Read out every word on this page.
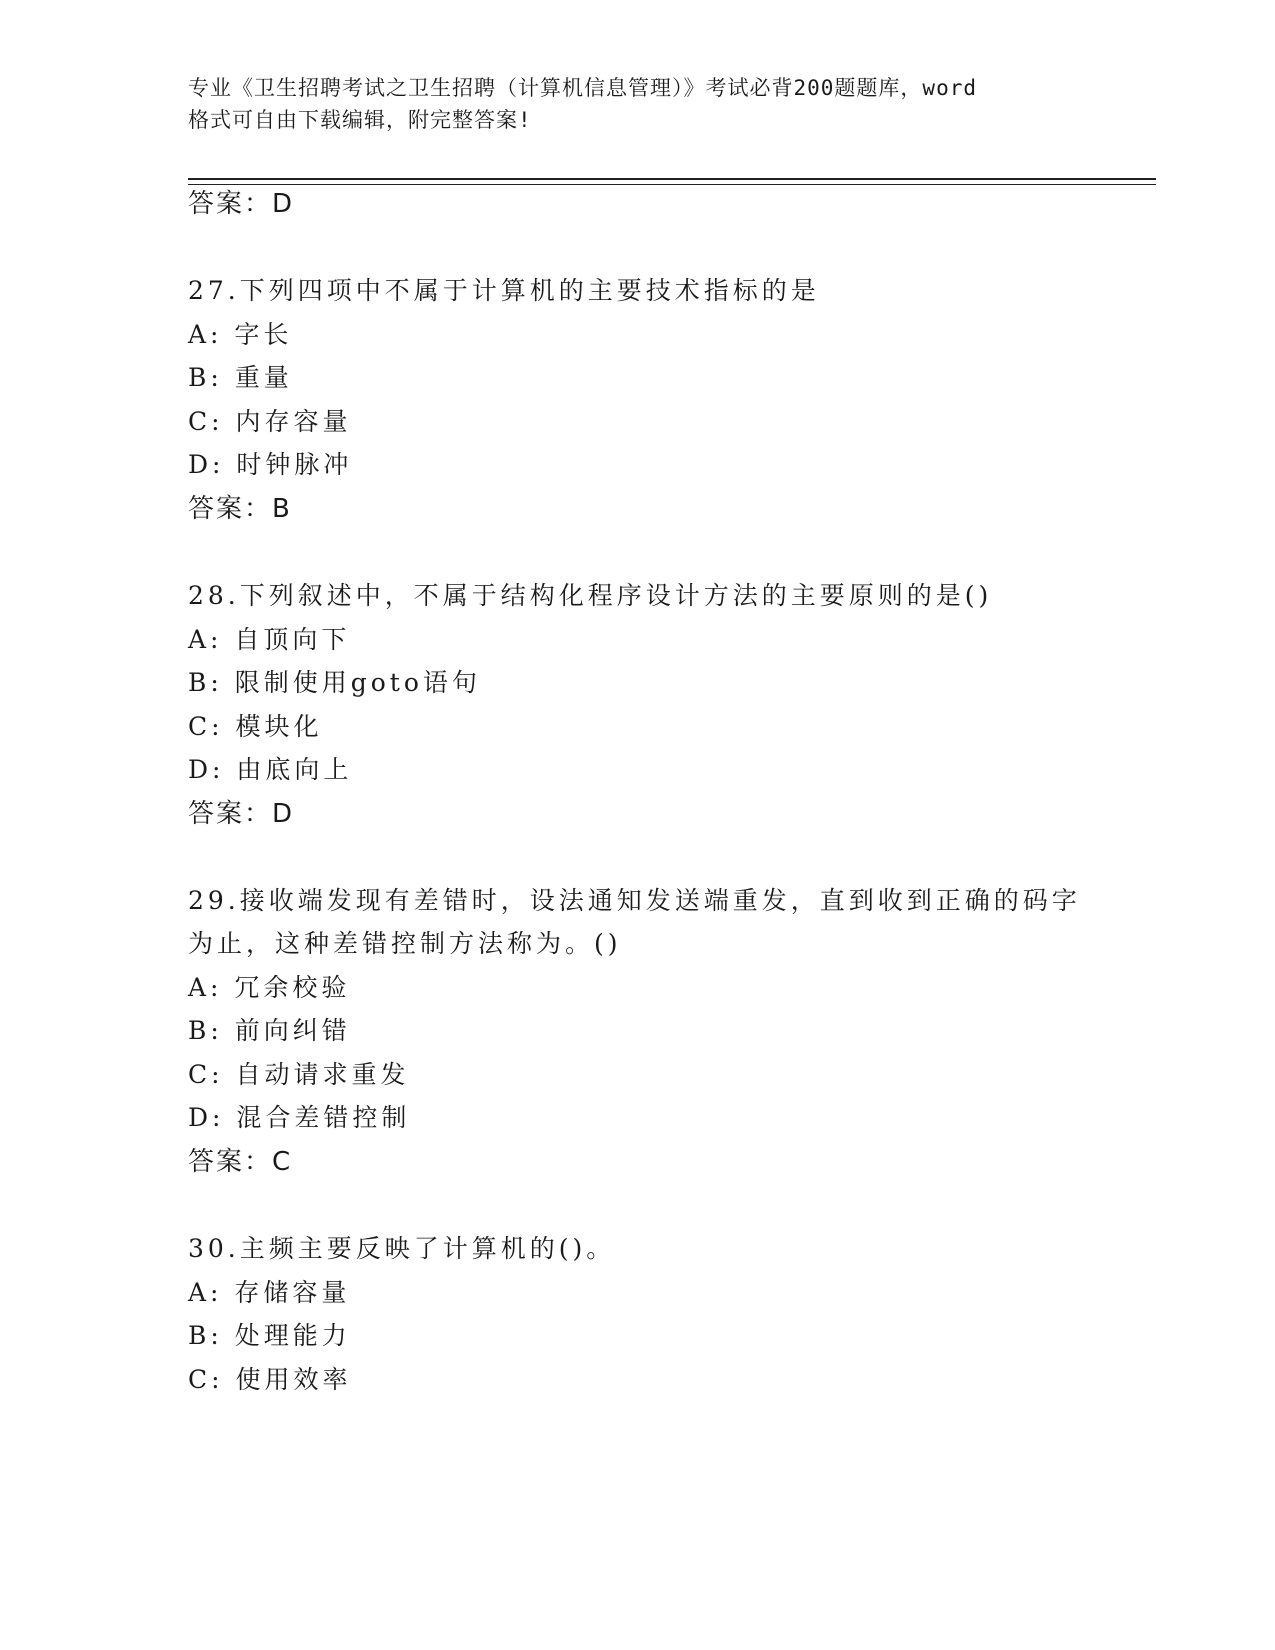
专业《卫生招聘考试之卫生招聘（计算机信息管理）》考试必背200题题库，word
格式可自由下载编辑，附完整答案!
答案：D
27.下列四项中不属于计算机的主要技术指标的是
A: 字长
B: 重量
C: 内存容量
D: 时钟脉冲
答案：B
28.下列叙述中，不属于结构化程序设计方法的主要原则的是()
A: 自顶向下
B: 限制使用goto语句
C: 模块化
D: 由底向上
答案：D
29.接收端发现有差错时，设法通知发送端重发，直到收到正确的码字
为止，这种差错控制方法称为。()
A: 冗余校验
B: 前向纠错
C: 自动请求重发
D: 混合差错控制
答案：C
30.主频主要反映了计算机的()。
A: 存储容量
B: 处理能力
C: 使用效率
